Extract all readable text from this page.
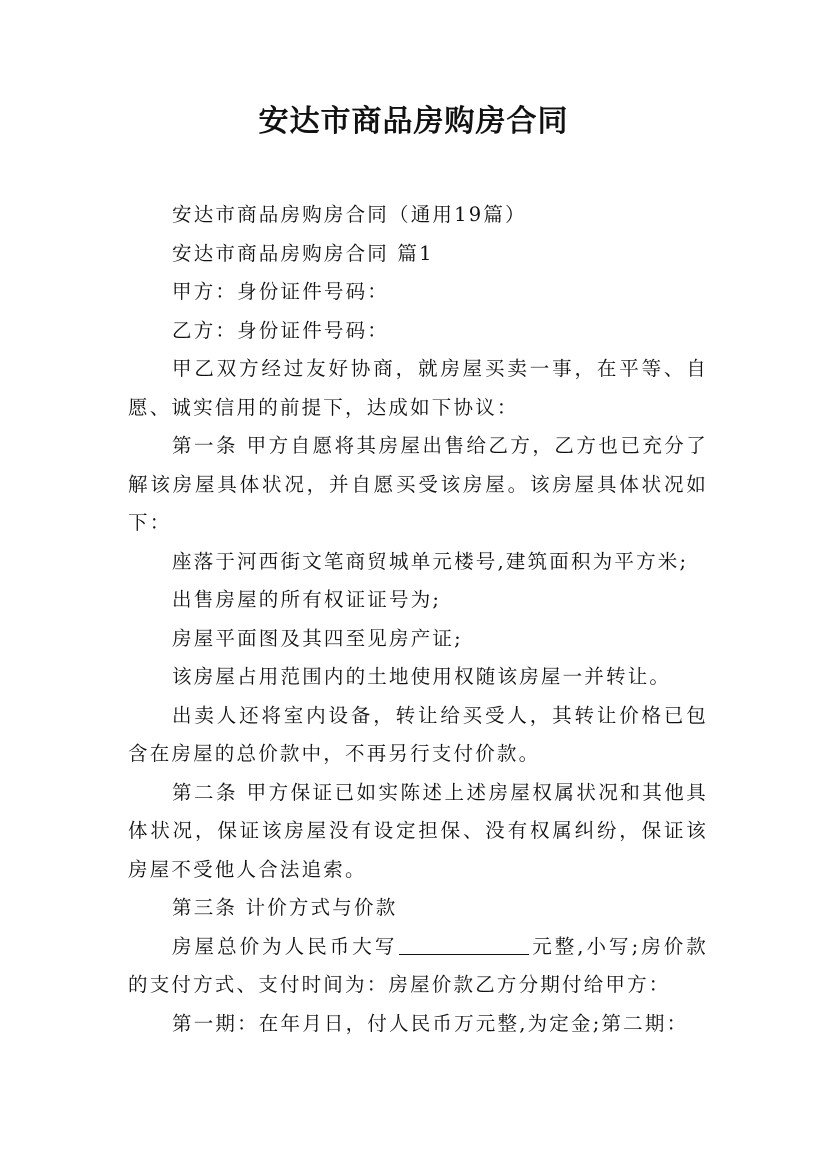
安达市商品房购房合同

安达市商品房购房合同（通用19篇）

安达市商品房购房合同 篇1

甲方：身份证件号码：

乙方：身份证件号码：

甲乙双方经过友好协商，就房屋买卖一事，在平等、自愿、诚实信用的前提下，达成如下协议：

第一条 甲方自愿将其房屋出售给乙方，乙方也已充分了解该房屋具体状况，并自愿买受该房屋。该房屋具体状况如下：

座落于河西街文笔商贸城单元楼号,建筑面积为平方米;

出售房屋的所有权证证号为;

房屋平面图及其四至见房产证;

该房屋占用范围内的土地使用权随该房屋一并转让。

出卖人还将室内设备，转让给买受人，其转让价格已包含在房屋的总价款中，不再另行支付价款。

第二条 甲方保证已如实陈述上述房屋权属状况和其他具体状况，保证该房屋没有设定担保、没有权属纠纷，保证该房屋不受他人合法追索。

第三条 计价方式与价款

房屋总价为人民币大写	元整,小写;房价款的支付方式、支付时间为：房屋价款乙方分期付给甲方：

第一期：在年月日，付人民币万元整,为定金;第二期：
